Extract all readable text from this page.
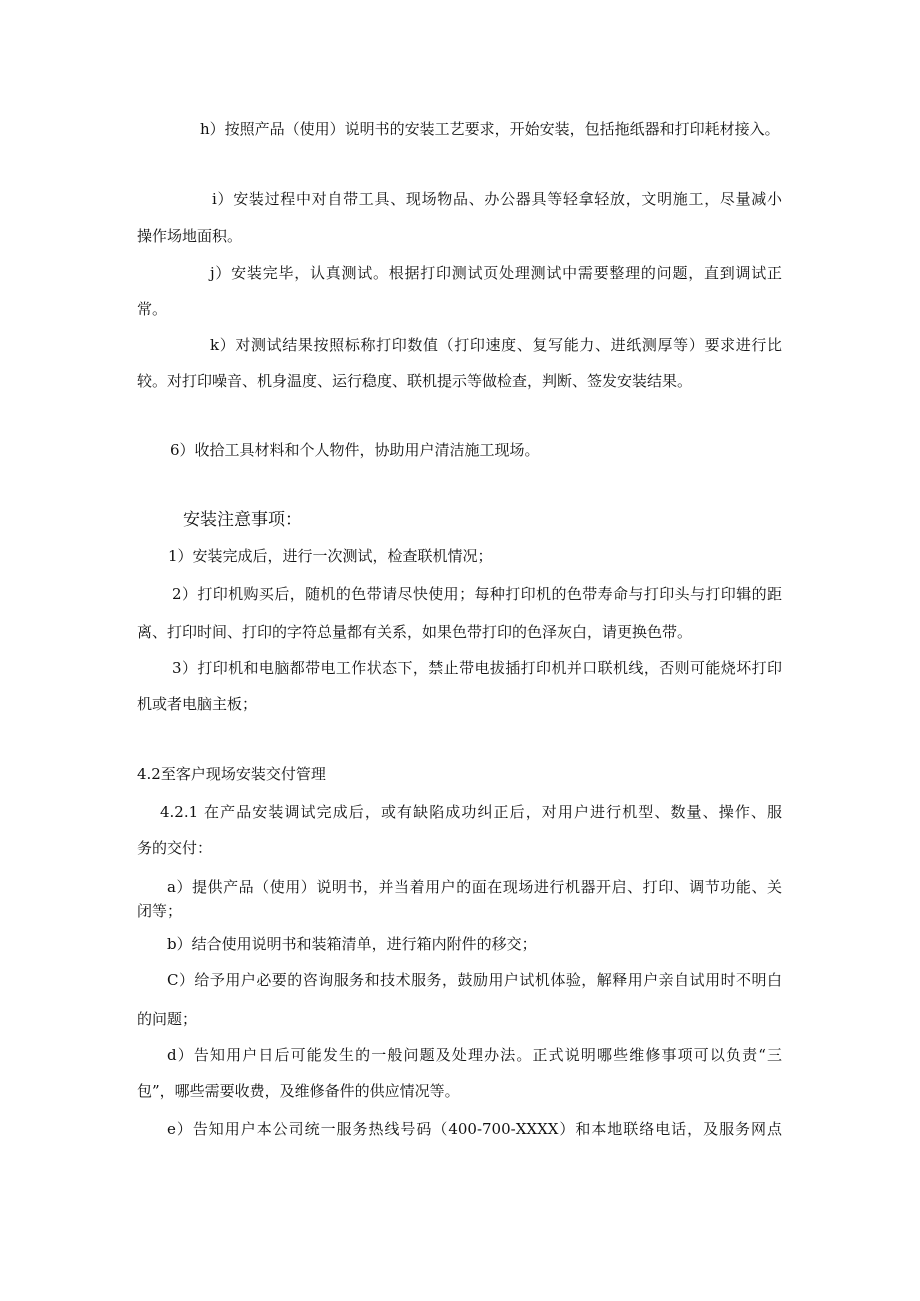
h）按照产品（使用）说明书的安装工艺要求，开始安装，包括拖纸器和打印耗材接入。

i）安装过程中对自带工具、现场物品、办公器具等轻拿轻放，文明施工，尽量减小

操作场地面积。

j）安装完毕，认真测试。根据打印测试页处理测试中需要整理的问题，直到调试正

常。

k）对测试结果按照标称打印数值（打印速度、复写能力、进纸测厚等）要求进行比

较。对打印噪音、机身温度、运行稳度、联机提示等做检查，判断、签发安装结果。

6）收拾工具材料和个人物件，协助用户清洁施工现场。

安装注意事项：

1）安装完成后，进行一次测试，检查联机情况；

2）打印机购买后，随机的色带请尽快使用；每种打印机的色带寿命与打印头与打印辑的距

离、打印时间、打印的字符总量都有关系，如果色带打印的色泽灰白，请更换色带。

3）打印机和电脑都带电工作状态下，禁止带电拔插打印机并口联机线，否则可能烧坏打印

机或者电脑主板；

4.2至客户现场安装交付管理

4.2.1 在产品安装调试完成后，或有缺陷成功纠正后，对用户进行机型、数量、操作、服

务的交付：

a）提供产品（使用）说明书，并当着用户的面在现场进行机器开启、打印、调节功能、关

闭等；

b）结合使用说明书和装箱清单，进行箱内附件的移交；

C）给予用户必要的咨询服务和技术服务，鼓励用户试机体验，解释用户亲自试用时不明白

的问题；

d）告知用户日后可能发生的一般问题及处理办法。正式说明哪些维修事项可以负责“三

包”，哪些需要收费，及维修备件的供应情况等。

e）告知用户本公司统一服务热线号码（400-700-XXXX）和本地联络电话，及服务网点
